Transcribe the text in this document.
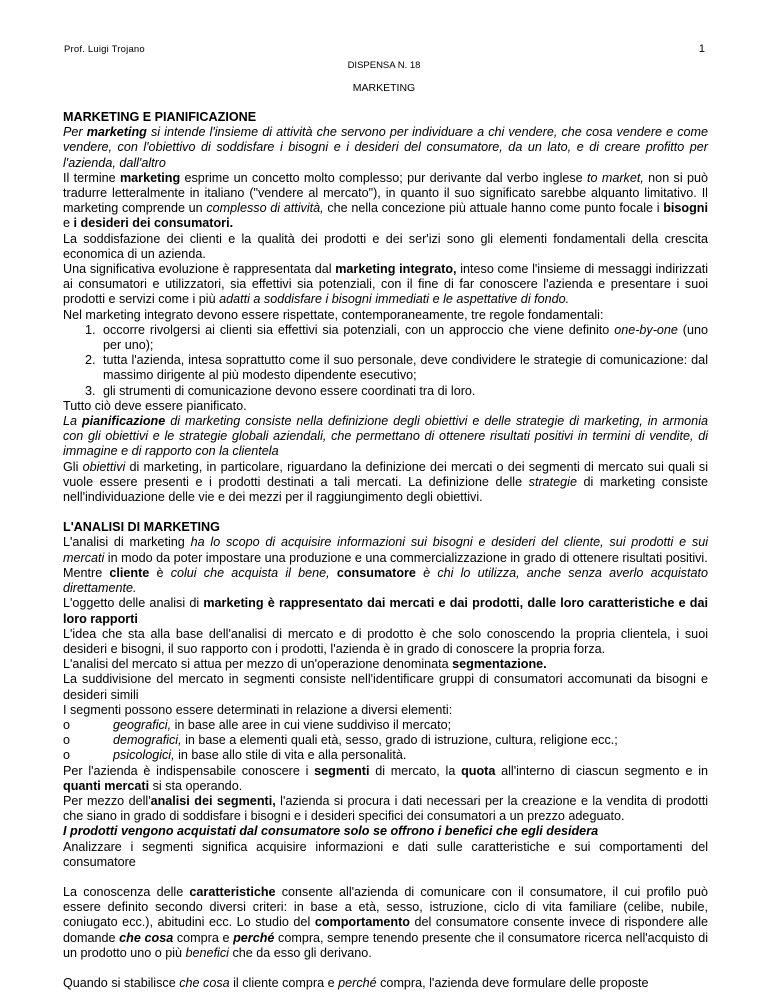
Prof. Luigi Trojano	1
DISPENSA N. 18
MARKETING

MARKETING E PIANIFICAZIONE

Per marketing si intende l'insieme di attività che servono per individuare a chi vendere, che cosa vendere e come vendere, con l'obiettivo di soddisfare i bisogni e i desideri del consumatore, da un lato, e di creare profitto per l'azienda, dall'altro

Il termine marketing esprime un concetto molto complesso; pur derivante dal verbo inglese to market, non si può tradurre letteralmente in italiano ("vendere al mercato"), in quanto il suo significato sarebbe alquanto limitativo. Il marketing comprende un complesso di attività, che nella concezione più attuale hanno come punto focale i bisogni e i desideri dei consumatori.

La soddisfazione dei clienti e la qualità dei prodotti e dei ser'izi sono gli elementi fondamentali della crescita economica di un azienda.

Una significativa evoluzione è rappresentata dal marketing integrato, inteso come l'insieme di messaggi indirizzati ai consumatori e utilizzatori, sia effettivi sia potenziali, con il fine di far conoscere l'azienda e presentare i suoi prodotti e servizi come i più adatti a soddisfare i bisogni immediati e le aspettative di fondo.

Nel marketing integrato devono essere rispettate, contemporaneamente, tre regole fondamentali:

1. occorre rivolgersi ai clienti sia effettivi sia potenziali, con un approccio che viene definito one-by-one (uno per uno);
2. tutta l'azienda, intesa soprattutto come il suo personale, deve condividere le strategie di comunicazione: dal massimo dirigente al più modesto dipendente esecutivo;
3. gli strumenti di comunicazione devono essere coordinati tra di loro.

Tutto ciò deve essere pianificato.

La pianificazione di marketing consiste nella definizione degli obiettivi e delle strategie di marketing, in armonia con gli obiettivi e le strategie globali aziendali, che permettano di ottenere risultati positivi in termini di vendite, di immagine e di rapporto con la clientela

Gli obiettivi di marketing, in particolare, riguardano la definizione dei mercati o dei segmenti di mercato sui quali si vuole essere presenti e i prodotti destinati a tali mercati. La definizione delle strategie di marketing consiste nell'individuazione delle vie e dei mezzi per il raggiungimento degli obiettivi.

L'ANALISI DI MARKETING

L'analisi di marketing ha lo scopo di acquisire informazioni sui bisogni e desideri del cliente, sui prodotti e sui mercati in modo da poter impostare una produzione e una commercializzazione in grado di ottenere risultati positivi.

Mentre cliente è colui che acquista il bene, consumatore è chi lo utilizza, anche senza averlo acquistato direttamente.

L'oggetto delle analisi di marketing è rappresentato dai mercati e dai prodotti, dalle loro caratteristiche e dai loro rapporti

L'idea che sta alla base dell'analisi di mercato e di prodotto è che solo conoscendo la propria clientela, i suoi desideri e bisogni, il suo rapporto con i prodotti, l'azienda è in grado di conoscere la propria forza.

L'analisi del mercato si attua per mezzo di un'operazione denominata segmentazione.

La suddivisione del mercato in segmenti consiste nell'identificare gruppi di consumatori accomunati da bisogni e desideri simili

I segmenti possono essere determinati in relazione a diversi elementi:

o	geografici, in base alle aree in cui viene suddiviso il mercato;
o	demografici, in base a elementi quali età, sesso, grado di istruzione, cultura, religione ecc.;
o	psicologici, in base allo stile di vita e alla personalità.

Per l'azienda è indispensabile conoscere i segmenti di mercato, la quota all'interno di ciascun segmento e in quanti mercati si sta operando.

Per mezzo dell'analisi dei segmenti, l'azienda si procura i dati necessari per la creazione e la vendita di prodotti che siano in grado di soddisfare i bisogni e i desideri specifici dei consumatori a un prezzo adeguato.

I prodotti vengono acquistati dal consumatore solo se offrono i benefici che egli desidera

Analizzare i segmenti significa acquisire informazioni e dati sulle caratteristiche e sui comportamenti del consumatore

La conoscenza delle caratteristiche consente all'azienda di comunicare con il consumatore, il cui profilo può essere definito secondo diversi criteri: in base a età, sesso, istruzione, ciclo di vita familiare (celibe, nubile, coniugato ecc.), abitudini ecc. Lo studio del comportamento del consumatore consente invece di rispondere alle domande che cosa compra e perché compra, sempre tenendo presente che il consumatore ricerca nell'acquisto di un prodotto uno o più benefici che da esso gli derivano.

Quando si stabilisce che cosa il cliente compra e perché compra, l'azienda deve formulare delle proposte
